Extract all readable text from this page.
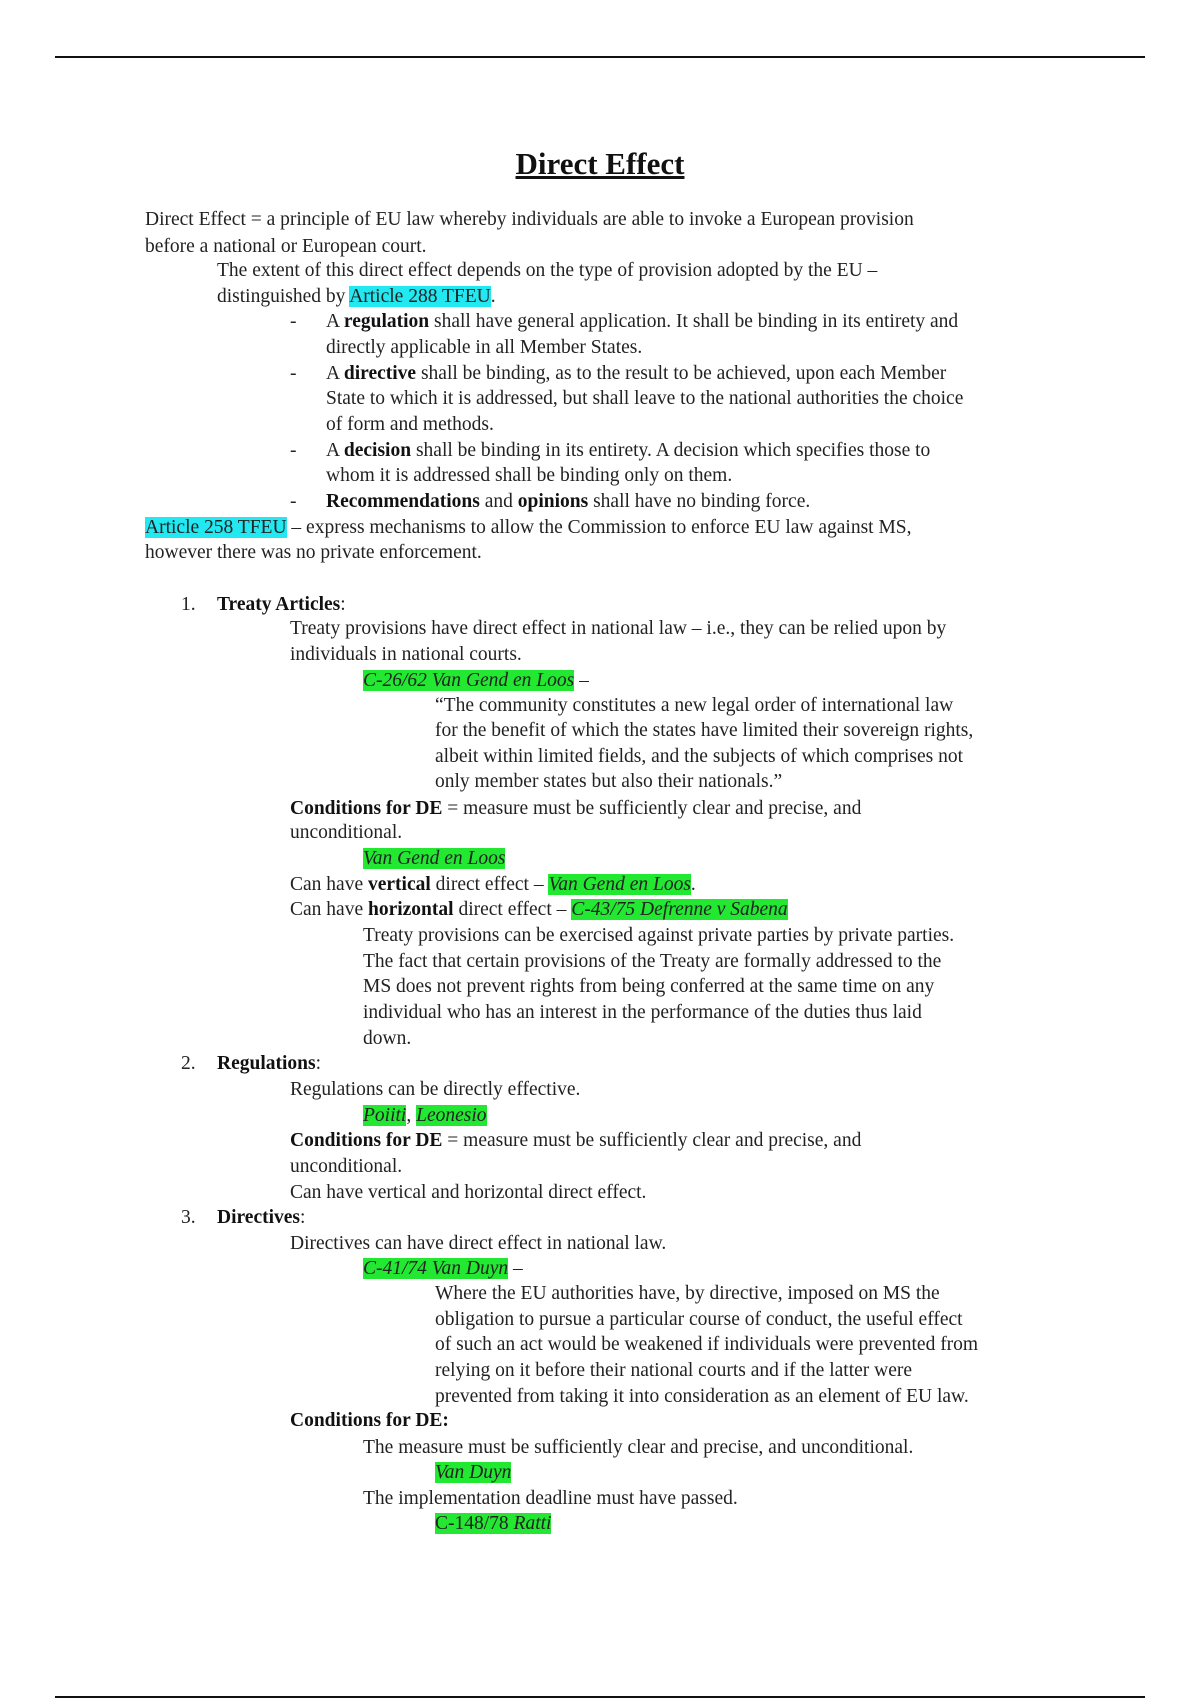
Direct Effect
Direct Effect = a principle of EU law whereby individuals are able to invoke a European provision
before a national or European court.
The extent of this direct effect depends on the type of provision adopted by the EU –
distinguished by Article 288 TFEU.
- A regulation shall have general application. It shall be binding in its entirety and
directly applicable in all Member States.
- A directive shall be binding, as to the result to be achieved, upon each Member
State to which it is addressed, but shall leave to the national authorities the choice
of form and methods.
- A decision shall be binding in its entirety. A decision which specifies those to
whom it is addressed shall be binding only on them.
- Recommendations and opinions shall have no binding force.
Article 258 TFEU – express mechanisms to allow the Commission to enforce EU law against MS,
however there was no private enforcement.
1. Treaty Articles:
Treaty provisions have direct effect in national law – i.e., they can be relied upon by
individuals in national courts.
C-26/62 Van Gend en Loos –
“The community constitutes a new legal order of international law
for the benefit of which the states have limited their sovereign rights,
albeit within limited fields, and the subjects of which comprises not
only member states but also their nationals.”
Conditions for DE = measure must be sufficiently clear and precise, and
unconditional.
Van Gend en Loos
Can have vertical direct effect – Van Gend en Loos.
Can have horizontal direct effect – C-43/75 Defrenne v Sabena
Treaty provisions can be exercised against private parties by private parties.
The fact that certain provisions of the Treaty are formally addressed to the
MS does not prevent rights from being conferred at the same time on any
individual who has an interest in the performance of the duties thus laid
down.
2. Regulations:
Regulations can be directly effective.
Poiiti, Leonesio
Conditions for DE = measure must be sufficiently clear and precise, and
unconditional.
Can have vertical and horizontal direct effect.
3. Directives:
Directives can have direct effect in national law.
C-41/74 Van Duyn –
Where the EU authorities have, by directive, imposed on MS the
obligation to pursue a particular course of conduct, the useful effect
of such an act would be weakened if individuals were prevented from
relying on it before their national courts and if the latter were
prevented from taking it into consideration as an element of EU law.
Conditions for DE:
The measure must be sufficiently clear and precise, and unconditional.
Van Duyn
The implementation deadline must have passed.
C-148/78 Ratti
